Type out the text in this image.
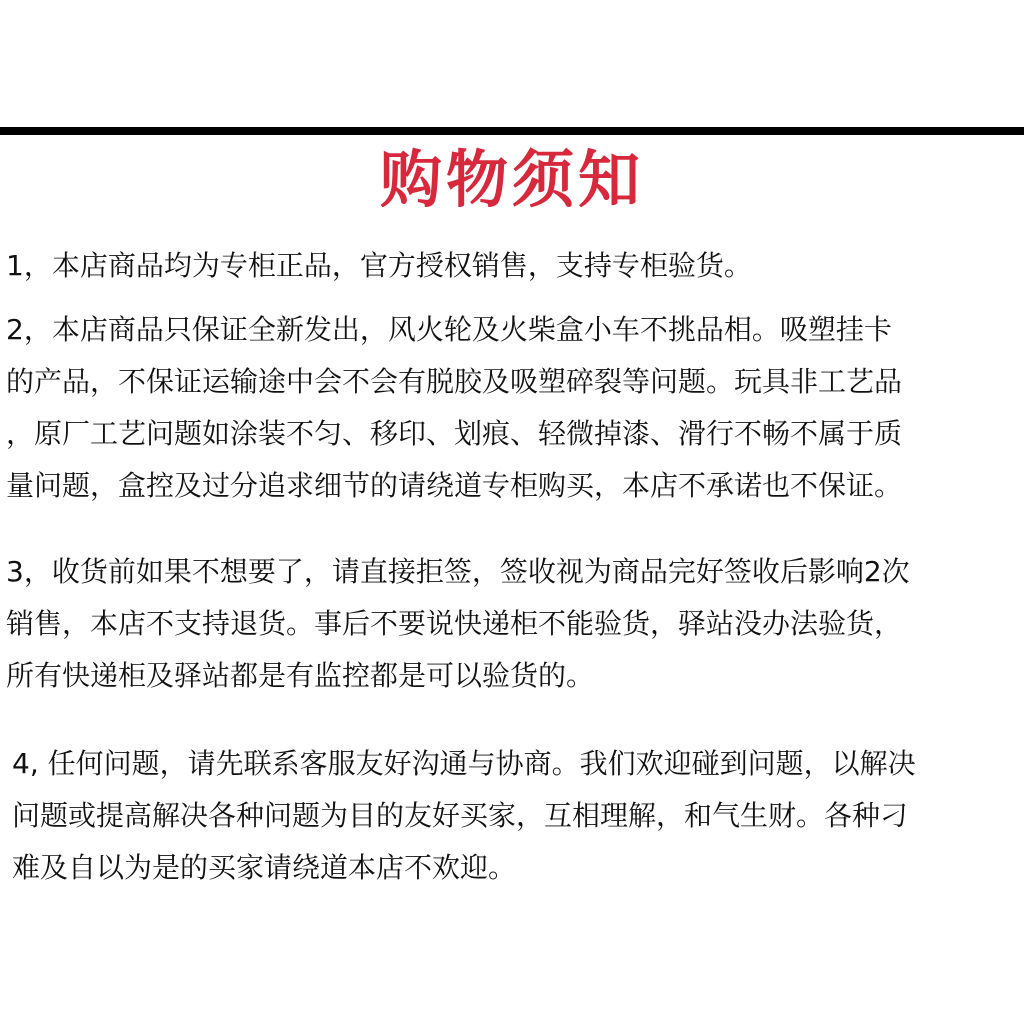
购物须知
1，本店商品均为专柜正品，官方授权销售，支持专柜验货。
2，本店商品只保证全新发出，风火轮及火柴盒小车不挑品相。吸塑挂卡
的产品，不保证运输途中会不会有脱胶及吸塑碎裂等问题。玩具非工艺品
，原厂工艺问题如涂装不匀、移印、划痕、轻微掉漆、滑行不畅不属于质
量问题，盒控及过分追求细节的请绕道专柜购买，本店不承诺也不保证。
3，收货前如果不想要了，请直接拒签，签收视为商品完好签收后影响2次
销售，本店不支持退货。事后不要说快递柜不能验货，驿站没办法验货，
所有快递柜及驿站都是有监控都是可以验货的。
4, 任何问题，请先联系客服友好沟通与协商。我们欢迎碰到问题，以解决
问题或提高解决各种问题为目的友好买家，互相理解，和气生财。各种刁
难及自以为是的买家请绕道本店不欢迎。
